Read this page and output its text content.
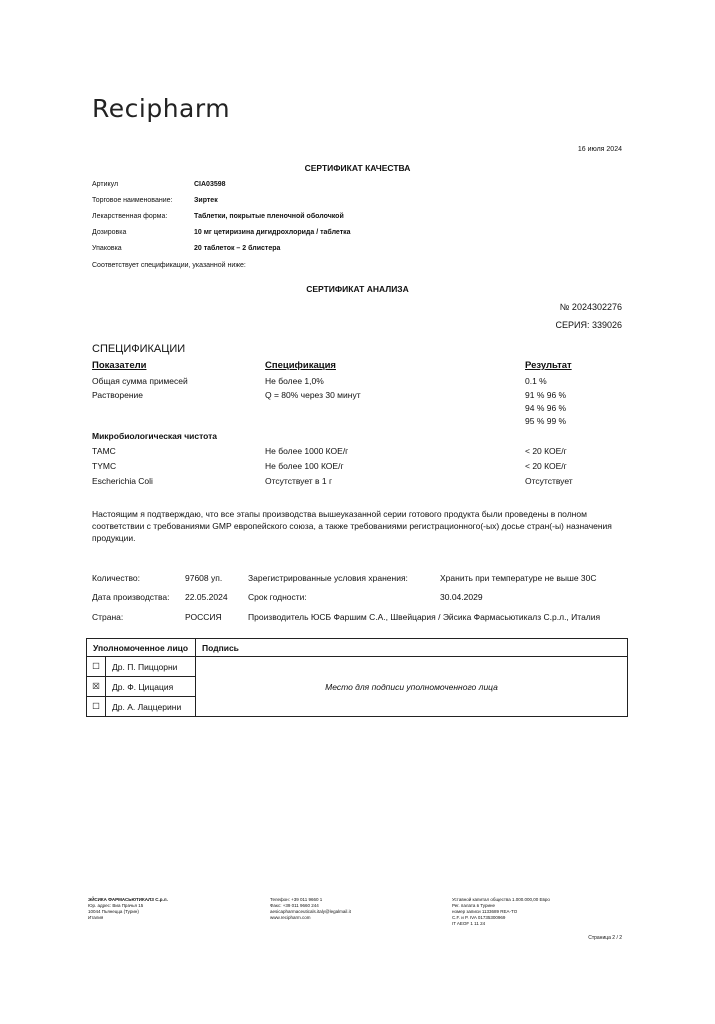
Recipharm
16 июля 2024
СЕРТИФИКАТ КАЧЕСТВА
Артикул	CIA03598
Торговое наименование:	Зиртек
Лекарственная форма:	Таблетки, покрытые пленочной оболочкой
Дозировка	10 мг цетиризина дигидрохлорида / таблетка
Упаковка	20 таблеток – 2 блистера
Соответствует спецификации, указанной ниже:
СЕРТИФИКАТ АНАЛИЗА
№ 2024302276
СЕРИЯ: 339026
СПЕЦИФИКАЦИИ
Показатели	Спецификация	Результат
Общая сумма примесей	Не более 1,0%	0.1 %
Растворение	Q = 80% через 30 минут	91 % 96 %
94 % 96 %
95 % 99 %
Микробиологическая чистота
ТАМС	Не более 1000 КОЕ/г	< 20 КОЕ/г
ТYМС	Не более 100 КОЕ/г	< 20 КОЕ/г
Escherichia Coli	Отсутствует в 1 г	Отсутствует
Настоящим я подтверждаю, что все этапы производства вышеуказанной серии готового продукта были проведены в полном соответствии с требованиями GMP европейского союза, а также требованиями регистрационного(-ых) досье стран(-ы) назначения продукции.
Количество:	97608 уп.	Зарегистрированные условия хранения:	Хранить при температуре не выше 30С
Дата производства: 22.05.2024 Срок годности:	30.04.2029
Страна:	РОССИЯ	Производитель ЮСБ Фаршим С.А., Швейцария / Эйсика Фармасьютикалз С.р.л., Италия
Уполномоченное лицо		Подпись
☐	Др. П. Пиццорни	Место для подписи уполномоченного лица
☒	Др. Ф. Цицация	
☐	Др. А. Лаццерини	
ЭЙСИКА ФАРМАСЬЮТИКАЛЗ С.р.л.
Юр. адрес: Виа Прачья 15
10044 Пьянецца (Турин)
Италия
Телефон: +39 011 9660 1
Факс: +39 011 9660 244
aesicapharmaceuticals.italy@legalmail.it
www.recipharm.com
Уставной капитал общества 1.000.000,00 Евро
Рег. палата в Турине
номер записи 1133689 REA-TO
С.F. и P. IVA 01735300969
IT AEOF 1 11 24
Страница 2 / 2
